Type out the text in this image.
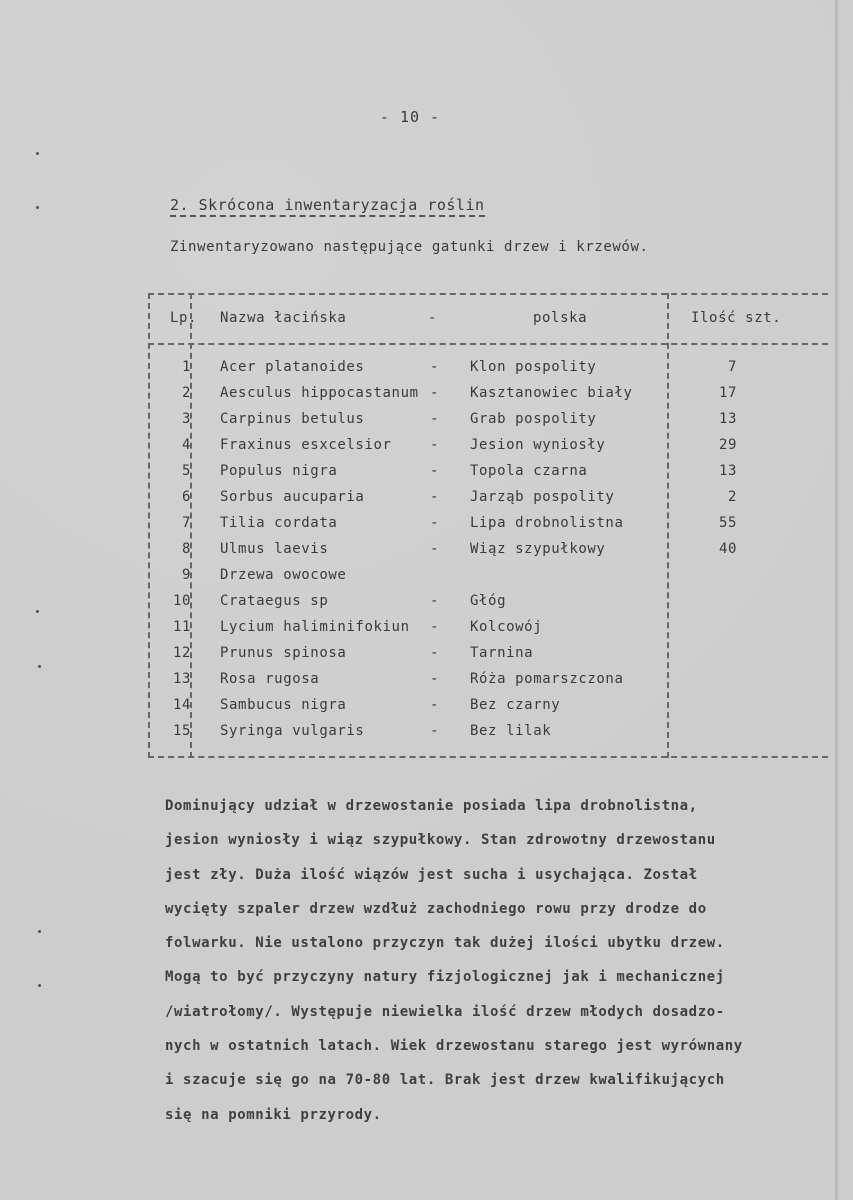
- 10 -
2. Skrócona inwentaryzacja roślin
Zinwentaryzowano następujące gatunki drzew i krzewów.
Lp. Nazwa łacińska	-	polska	Ilość szt.
1 Acer platanoides	- Klon pospolity	7
2 Aesculus hippocastanum - Kasztanowiec biały	17
3 Carpinus betulus	- Grab pospolity	13
4 Fraxinus esxcelsior	- Jesion wyniosły	29
5 Populus nigra	- Topola czarna	13
6 Sorbus aucuparia	- Jarząb pospolity	2
7 Tilia cordata	- Lipa drobnolistna	55
8 Ulmus laevis	- Wiąz szypułkowy	40
9 Drzewa owocowe
10 Crataegus sp	- Głóg
11 Lycium haliminifokiun - Kolcowój
12 Prunus spinosa	- Tarnina
13 Rosa rugosa	- Róża pomarszczona
14 Sambucus nigra	- Bez czarny
15 Syringa vulgaris	- Bez lilak
Dominujący udział w drzewostanie posiada lipa drobnolistna,
jesion wyniosły i wiąz szypułkowy. Stan zdrowotny drzewostanu
jest zły. Duża ilość wiązów jest sucha i usychająca. Został
wycięty szpaler drzew wzdłuż zachodniego rowu przy drodze do
folwarku. Nie ustalono przyczyn tak dużej ilości ubytku drzew.
Mogą to być przyczyny natury fizjologicznej jak i mechanicznej
/wiatrołomy/. Występuje niewielka ilość drzew młodych dosadzo-
nych w ostatnich latach. Wiek drzewostanu starego jest wyrównany
i szacuje się go na 70-80 lat. Brak jest drzew kwalifikujących
się na pomniki przyrody.
